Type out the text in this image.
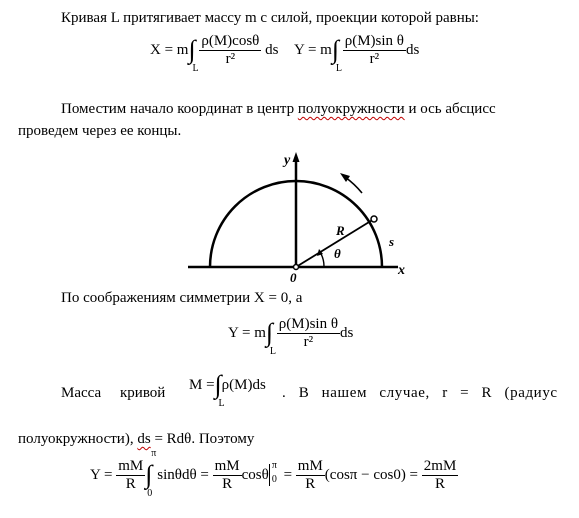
Кривая L притягивает массу m с силой, проекции которой равны:
X = m∫
L

$\frac{\rho(M)\cos\theta}{\text{r²}}$ ds Y = m∫
L

$\frac{\text{ρ(M)sin θ}}{\text{r²}}$ ds
Поместим начало координат в центр полуокружности и ось абсцисс
проведем через ее концы.
y
x
0
R
θ
s
По соображениям симметрии X = 0, а
Y = m∫
L

$\frac{\text{ρ(M)sin θ}}{\text{r²}}$ ds
Масса кривой
M =∫
L
ρ(M)ds
. В нашем случае, r = R (радиус
полуокружности), ds = Rdθ. Поэтому
$Y = \frac{mM}{R}$
π
∫
0
$\sin\theta d\theta = \frac{mM}{R}$ cosθ
π
$0 = \frac{mM}{R} (\cos\pi - \cos 0) = \frac{2mM}{R}$
